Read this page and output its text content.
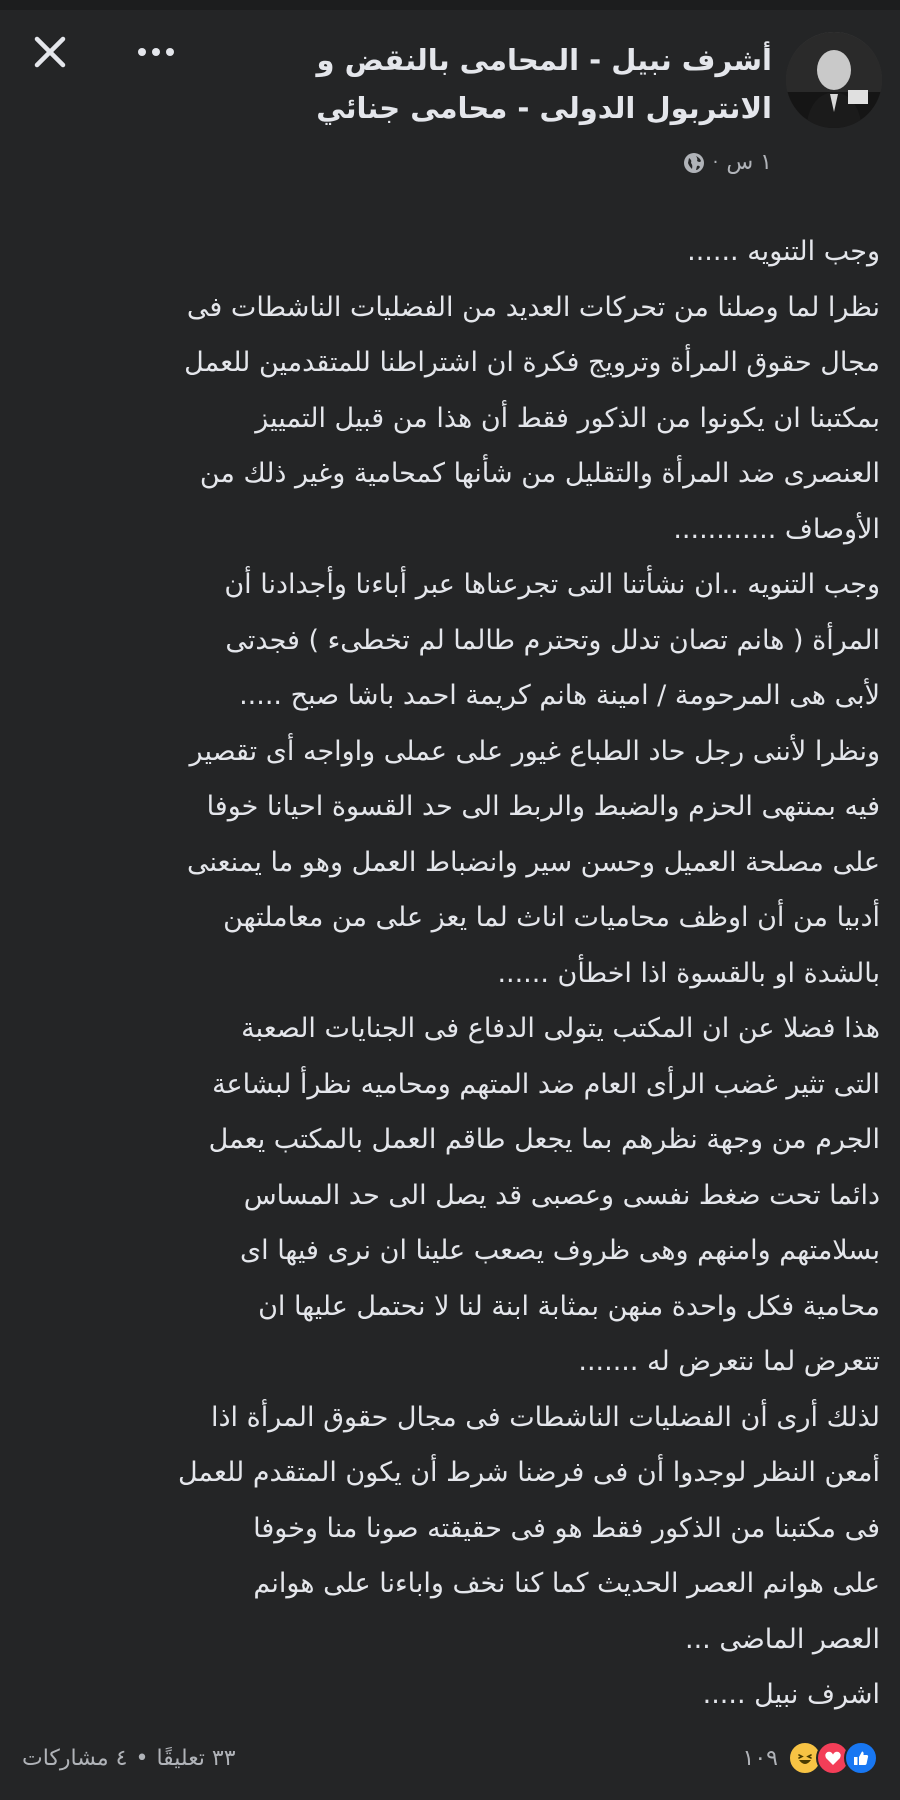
أشرف نبيل - المحامى بالنقض و
الانتربول الدولى - محامى جنائي
١ س
·
وجب التنويه ......
نظرا لما وصلنا من تحركات العديد من الفضليات الناشطات فى
مجال حقوق المرأة وترويج فكرة ان اشتراطنا للمتقدمين للعمل
بمكتبنا ان يكونوا من الذكور فقط أن هذا من قبيل التمييز
العنصرى ضد المرأة والتقليل من شأنها كمحامية وغير ذلك من
الأوصاف ............
وجب التنويه ..ان نشأتنا التى تجرعناها عبر أباءنا وأجدادنا أن
المرأة ( هانم تصان تدلل وتحترم طالما لم تخطىء ) فجدتى
لأبى هى المرحومة / امينة هانم كريمة احمد باشا صبح .....
ونظرا لأننى رجل حاد الطباع غيور على عملى واواجه أى تقصير
فيه بمنتهى الحزم والضبط والربط الى حد القسوة احيانا خوفا
على مصلحة العميل وحسن سير وانضباط العمل وهو ما يمنعنى
أدبيا من أن اوظف محاميات اناث لما يعز على من معاملتهن
بالشدة او بالقسوة اذا اخطأن ......
هذا فضلا عن ان المكتب يتولى الدفاع فى الجنايات الصعبة
التى تثير غضب الرأى العام ضد المتهم ومحاميه نظرأ لبشاعة
الجرم من وجهة نظرهم بما يجعل طاقم العمل بالمكتب يعمل
دائما تحت ضغط نفسى وعصبى قد يصل الى حد المساس
بسلامتهم وامنهم وهى ظروف يصعب علينا ان نرى فيها اى
محامية فكل واحدة منهن بمثابة ابنة لنا لا نحتمل عليها ان
تتعرض لما نتعرض له .......
لذلك أرى أن الفضليات الناشطات فى مجال حقوق المرأة اذا
أمعن النظر لوجدوا أن فى فرضنا شرط أن يكون المتقدم للعمل
فى مكتبنا من الذكور فقط هو فى حقيقته صونا منا وخوفا
على هوانم العصر الحديث كما كنا نخف واباءنا على هوانم
العصر الماضى ...
اشرف نبيل .....
٣٣ تعليقًا
•
٤ مشاركات	١٠٩
